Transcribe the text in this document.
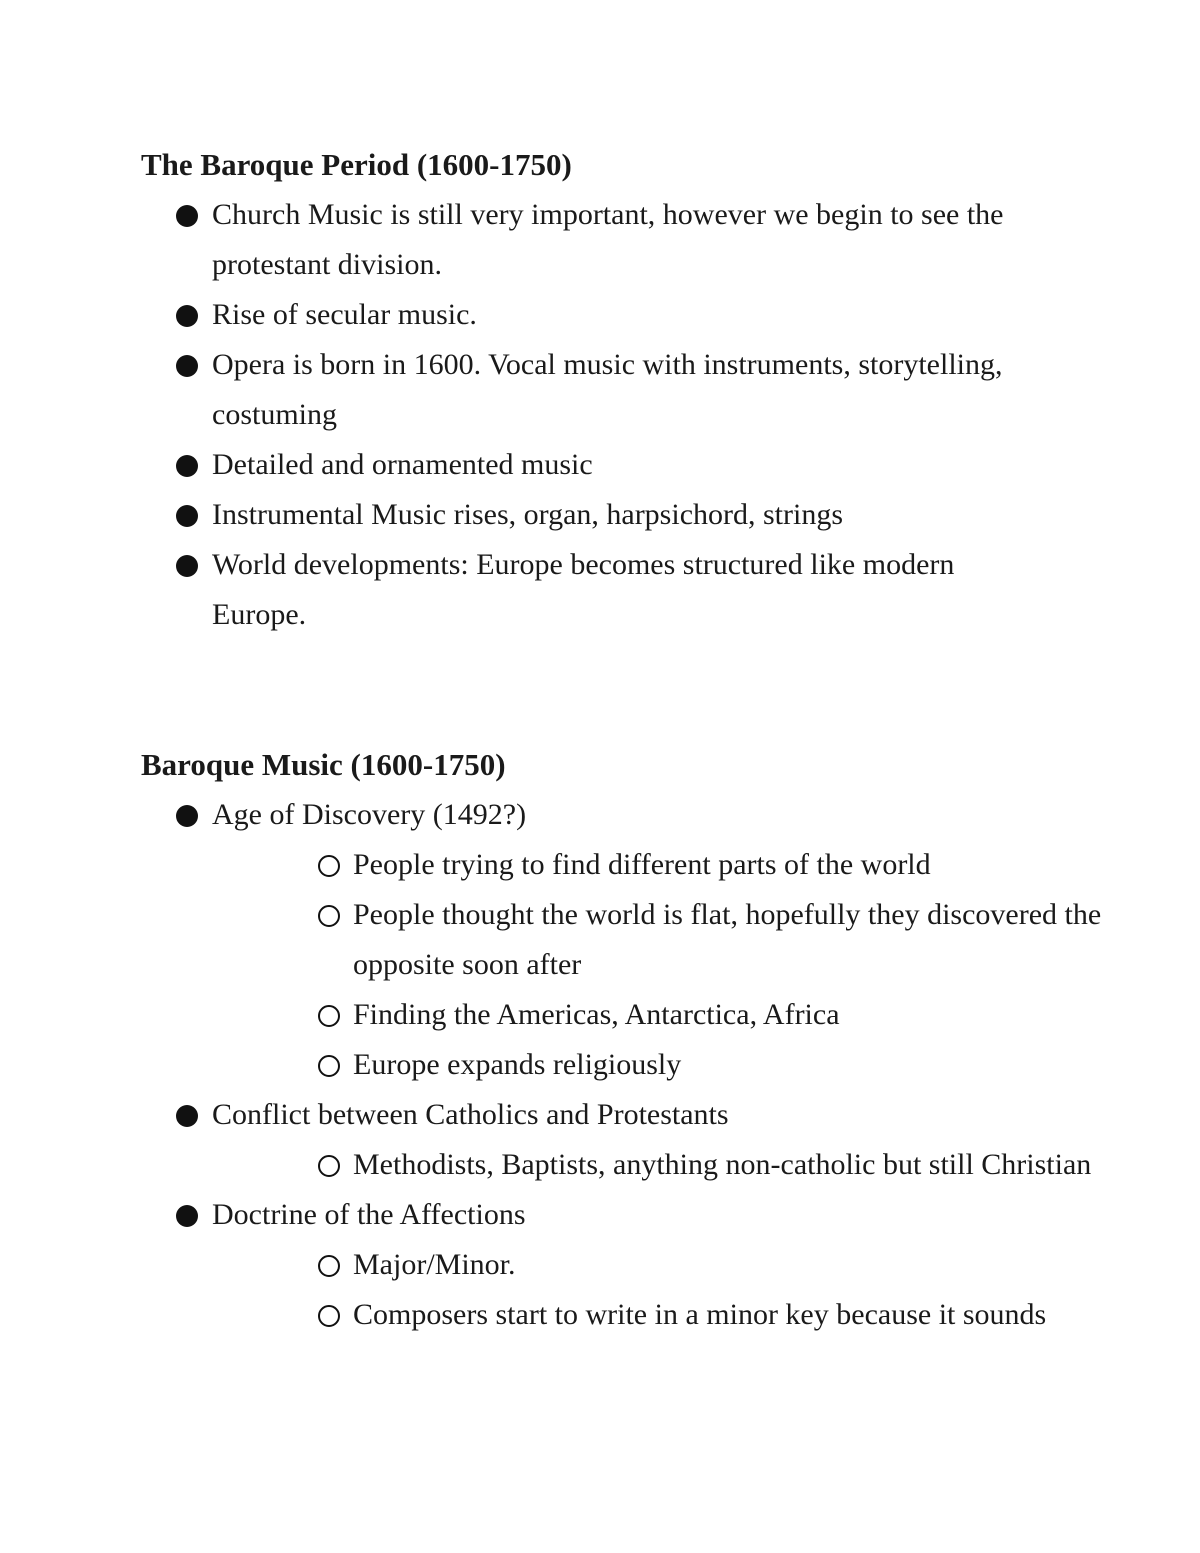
The Baroque Period (1600-1750)
Church Music is still very important, however we begin to see the protestant division.
Rise of secular music.
Opera is born in 1600. Vocal music with instruments, storytelling, costuming
Detailed and ornamented music
Instrumental Music rises, organ, harpsichord, strings
World developments: Europe becomes structured like modern Europe.
Baroque Music (1600-1750)
Age of Discovery (1492?)
People trying to find different parts of the world
People thought the world is flat, hopefully they discovered the opposite soon after
Finding the Americas, Antarctica, Africa
Europe expands religiously
Conflict between Catholics and Protestants
Methodists, Baptists, anything non-catholic but still Christian
Doctrine of the Affections
Major/Minor.
Composers start to write in a minor key because it sounds
